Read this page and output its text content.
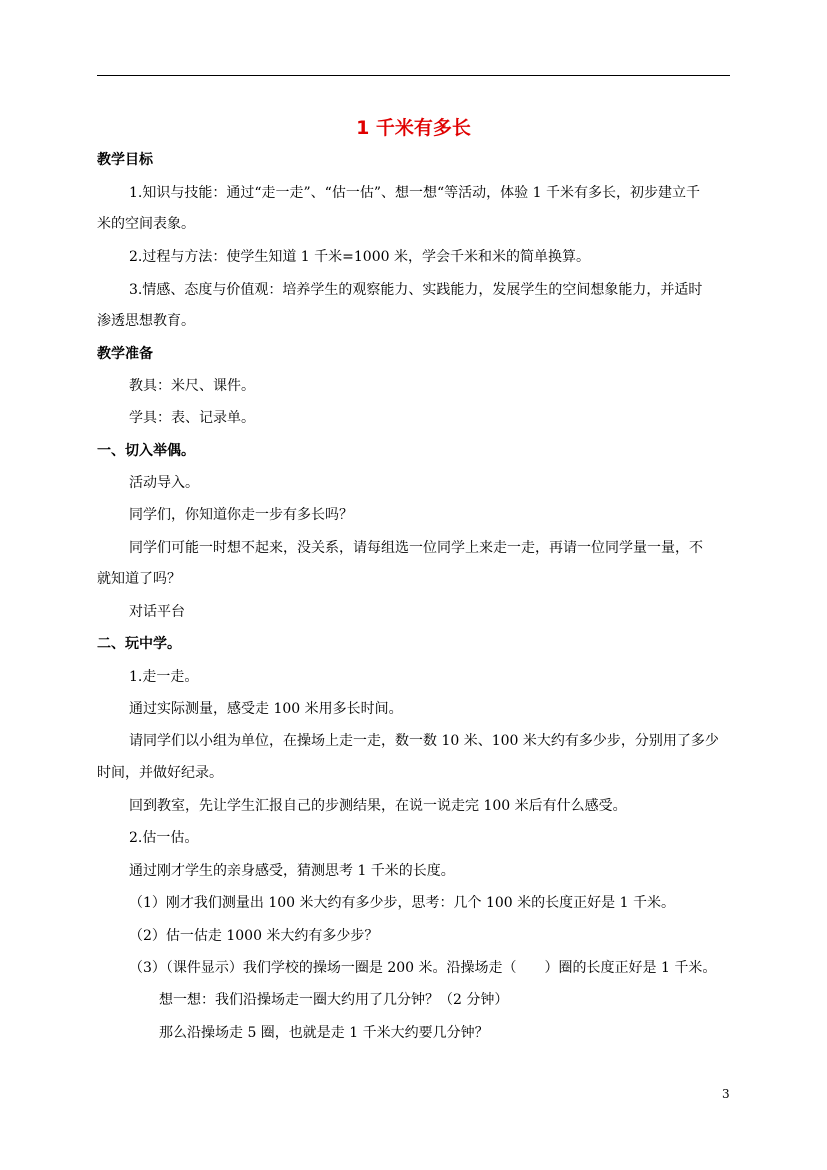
1 千米有多长
教学目标
1.知识与技能：通过“走一走”、“估一估”、想一想“等活动，体验 1 千米有多长，初步建立千
米的空间表象。
2.过程与方法：使学生知道 1 千米=1000 米，学会千米和米的简单换算。
3.情感、态度与价值观：培养学生的观察能力、实践能力，发展学生的空间想象能力，并适时
渗透思想教育。
教学准备
教具：米尺、课件。
学具：表、记录单。
一、切入举偶。
活动导入。
同学们，你知道你走一步有多长吗？
同学们可能一时想不起来，没关系，请每组选一位同学上来走一走，再请一位同学量一量，不
就知道了吗？
对话平台
二、玩中学。
1.走一走。
通过实际测量，感受走 100 米用多长时间。
请同学们以小组为单位，在操场上走一走，数一数 10 米、100 米大约有多少步，分别用了多少
时间，并做好纪录。
回到教室，先让学生汇报自己的步测结果，在说一说走完 100 米后有什么感受。
2.估一估。
通过刚才学生的亲身感受，猜测思考 1 千米的长度。
（1）刚才我们测量出 100 米大约有多少步，思考：几个 100 米的长度正好是 1 千米。
（2）估一估走 1000 米大约有多少步？
（3）（课件显示）我们学校的操场一圈是 200 米。沿操场走（　　）圈的长度正好是 1 千米。
想一想：我们沿操场走一圈大约用了几分钟？（2 分钟）
那么沿操场走 5 圈，也就是走 1 千米大约要几分钟？
3
